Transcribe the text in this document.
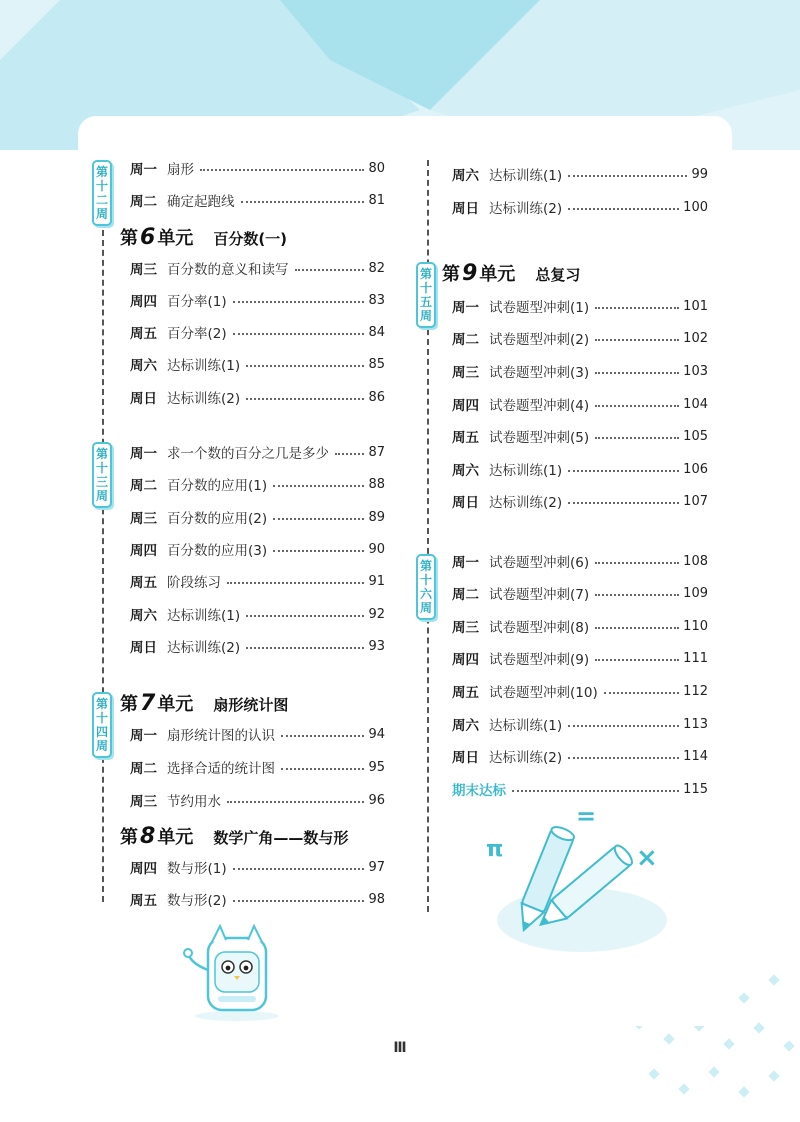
第
十
二
周
第
十
三
周
第
十
四
周
第
十
五
周
第
十
六
周
周一 扇形	80
周二 确定起跑线	81
第 6 单元 百分数(一)
周三 百分数的意义和读写	82
周四 百分率(1)	83
周五 百分率(2)	84
周六 达标训练(1)	85
周日 达标训练(2)	86
周一 求一个数的百分之几是多少	87
周二 百分数的应用(1)	88
周三 百分数的应用(2)	89
周四 百分数的应用(3)	90
周五 阶段练习	91
周六 达标训练(1)	92
周日 达标训练(2)	93
第 7 单元 扇形统计图
周一 扇形统计图的认识	94
周二 选择合适的统计图	95
周三 节约用水	96
第 8 单元 数学广角——数与形
周四 数与形(1)	97
周五 数与形(2)	98
周六 达标训练(1)	99
周日 达标训练(2)	100
第 9 单元 总复习
周一 试卷题型冲刺(1)	101
周二 试卷题型冲刺(2)	102
周三 试卷题型冲刺(3)	103
周四 试卷题型冲刺(4)	104
周五 试卷题型冲刺(5)	105
周六 达标训练(1)	106
周日 达标训练(2)	107
周一 试卷题型冲刺(6)	108
周二 试卷题型冲刺(7)	109
周三 试卷题型冲刺(8)	110
周四 试卷题型冲刺(9)	111
周五 试卷题型冲刺(10)	112
周六 达标训练(1)	113
周日 达标训练(2)	114
期末达标	115
π
=
×
Ⅲ
